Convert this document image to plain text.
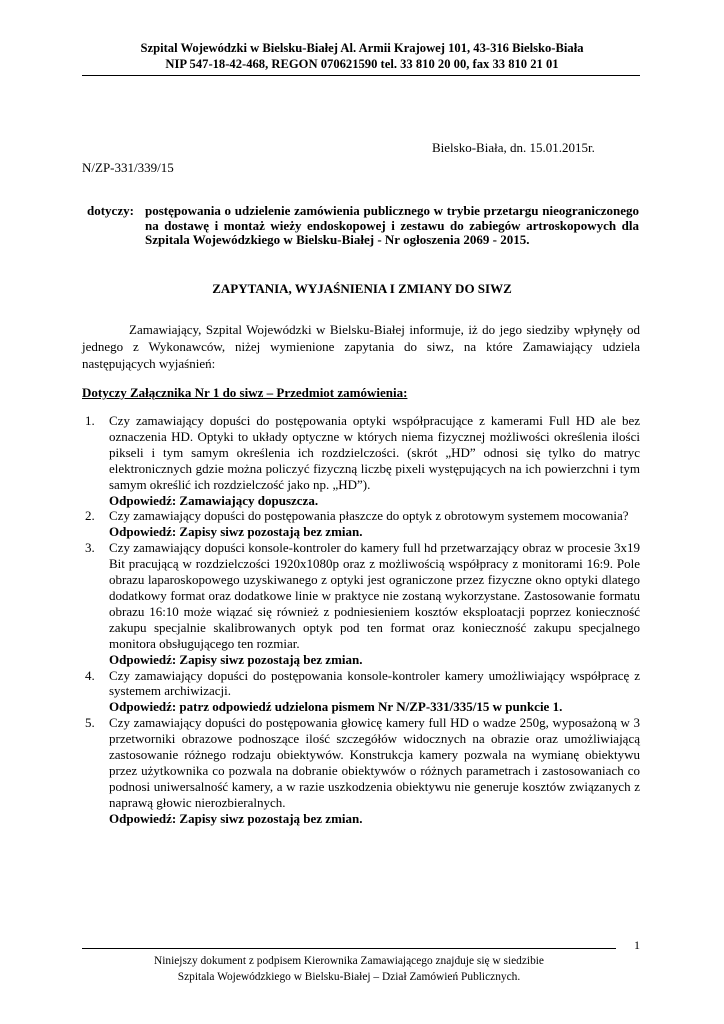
Szpital Wojewódzki w Bielsku-Białej Al. Armii Krajowej 101, 43-316 Bielsko-Biała
NIP 547-18-42-468, REGON 070621590 tel. 33 810 20 00, fax 33 810 21 01
Bielsko-Biała, dn. 15.01.2015r.
N/ZP-331/339/15
dotyczy: postępowania o udzielenie zamówienia publicznego w trybie przetargu nieograniczonego na dostawę i montaż wieży endoskopowej i zestawu do zabiegów artroskopowych dla Szpitala Wojewódzkiego w Bielsku-Białej - Nr ogłoszenia 2069 - 2015.
ZAPYTANIA, WYJAŚNIENIA I ZMIANY DO SIWZ

Zamawiający, Szpital Wojewódzki w Bielsku-Białej informuje, iż do jego siedziby wpłynęły od jednego z Wykonawców, niżej wymienione zapytania do siwz, na które Zamawiający udziela następujących wyjaśnień:

Dotyczy Załącznika Nr 1 do siwz – Przedmiot zamówienia:
1. Czy zamawiający dopuści do postępowania optyki współpracujące z kamerami Full HD ale bez oznaczenia HD. Optyki to układy optyczne w których niema fizycznej możliwości określenia ilości pikseli i tym samym określenia ich rozdzielczości. (skrót „HD” odnosi się tylko do matryc elektronicznych gdzie można policzyć fizyczną liczbę pixeli występujących na ich powierzchni i tym samym określić ich rozdzielczość jako np. „HD”).
Odpowiedź: Zamawiający dopuszcza.
2. Czy zamawiający dopuści do postępowania płaszcze do optyk z obrotowym systemem mocowania?
Odpowiedź: Zapisy siwz pozostają bez zmian.
3. Czy zamawiający dopuści konsole-kontroler do kamery full hd przetwarzający obraz w procesie 3x19 Bit pracującą w rozdzielczości 1920x1080p oraz z możliwością współpracy z monitorami 16:9. Pole obrazu laparoskopowego uzyskiwanego z optyki jest ograniczone przez fizyczne okno optyki dlatego dodatkowy format oraz dodatkowe linie w praktyce nie zostaną wykorzystane. Zastosowanie formatu obrazu 16:10 może wiązać się również z podniesieniem kosztów eksploatacji poprzez konieczność zakupu specjalnie skalibrowanych optyk pod ten format oraz konieczność zakupu specjalnego monitora obsługującego ten rozmiar.
Odpowiedź: Zapisy siwz pozostają bez zmian.
4. Czy zamawiający dopuści do postępowania konsole-kontroler kamery umożliwiający współpracę z systemem archiwizacji.
Odpowiedź: patrz odpowiedź udzielona pismem Nr N/ZP-331/335/15 w punkcie 1.
5. Czy zamawiający dopuści do postępowania głowicę kamery full HD o wadze 250g, wyposażoną w 3 przetworniki obrazowe podnoszące ilość szczegółów widocznych na obrazie oraz umożliwiającą zastosowanie różnego rodzaju obiektywów. Konstrukcja kamery pozwala na wymianę obiektywu przez użytkownika co pozwala na dobranie obiektywów o różnych parametrach i zastosowaniach co podnosi uniwersalność kamery, a w razie uszkodzenia obiektywu nie generuje kosztów związanych z naprawą głowic nierozbieralnych.
Odpowiedź: Zapisy siwz pozostają bez zmian.
1
Niniejszy dokument z podpisem Kierownika Zamawiającego znajduje się w siedzibie
Szpitala Wojewódzkiego w Bielsku-Białej – Dział Zamówień Publicznych.
